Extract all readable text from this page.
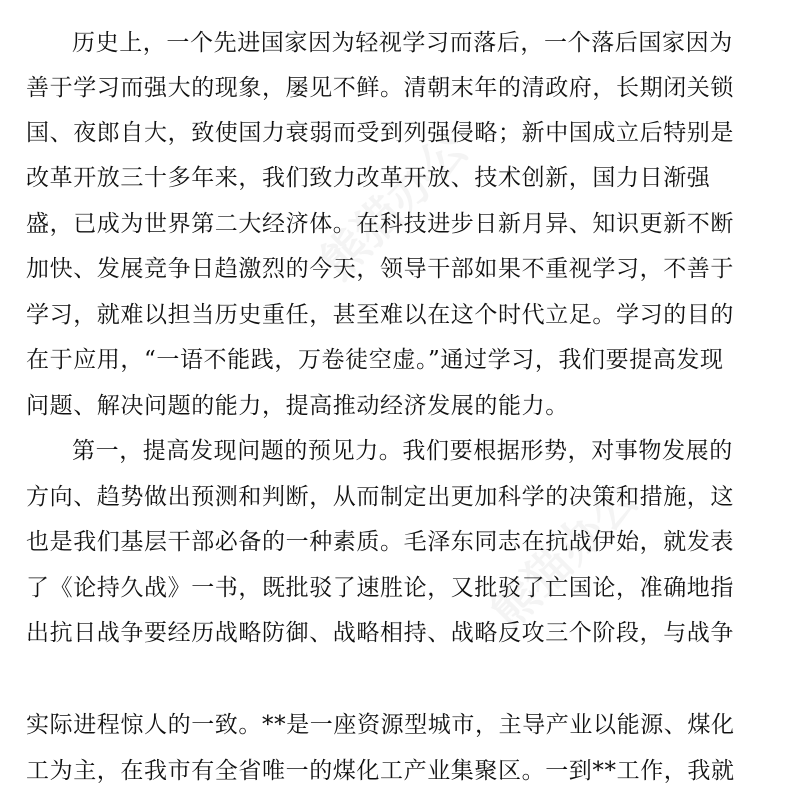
熊猫办公
熊猫办公
历史上，一个先进国家因为轻视学习而落后，一个落后国家因为
善于学习而强大的现象，屡见不鲜。清朝末年的清政府，长期闭关锁
国、夜郎自大，致使国力衰弱而受到列强侵略；新中国成立后特别是
改革开放三十多年来，我们致力改革开放、技术创新，国力日渐强
盛，已成为世界第二大经济体。在科技进步日新月异、知识更新不断
加快、发展竞争日趋激烈的今天，领导干部如果不重视学习，不善于
学习，就难以担当历史重任，甚至难以在这个时代立足。学习的目的
在于应用，“一语不能践，万卷徒空虚。”通过学习，我们要提高发现
问题、解决问题的能力，提高推动经济发展的能力。
第一，提高发现问题的预见力。我们要根据形势，对事物发展的
方向、趋势做出预测和判断，从而制定出更加科学的决策和措施，这
也是我们基层干部必备的一种素质。毛泽东同志在抗战伊始，就发表
了《论持久战》一书，既批驳了速胜论，又批驳了亡国论，准确地指
出抗日战争要经历战略防御、战略相持、战略反攻三个阶段，与战争
实际进程惊人的一致。**是一座资源型城市，主导产业以能源、煤化
工为主，在我市有全省唯一的煤化工产业集聚区。一到**工作，我就
